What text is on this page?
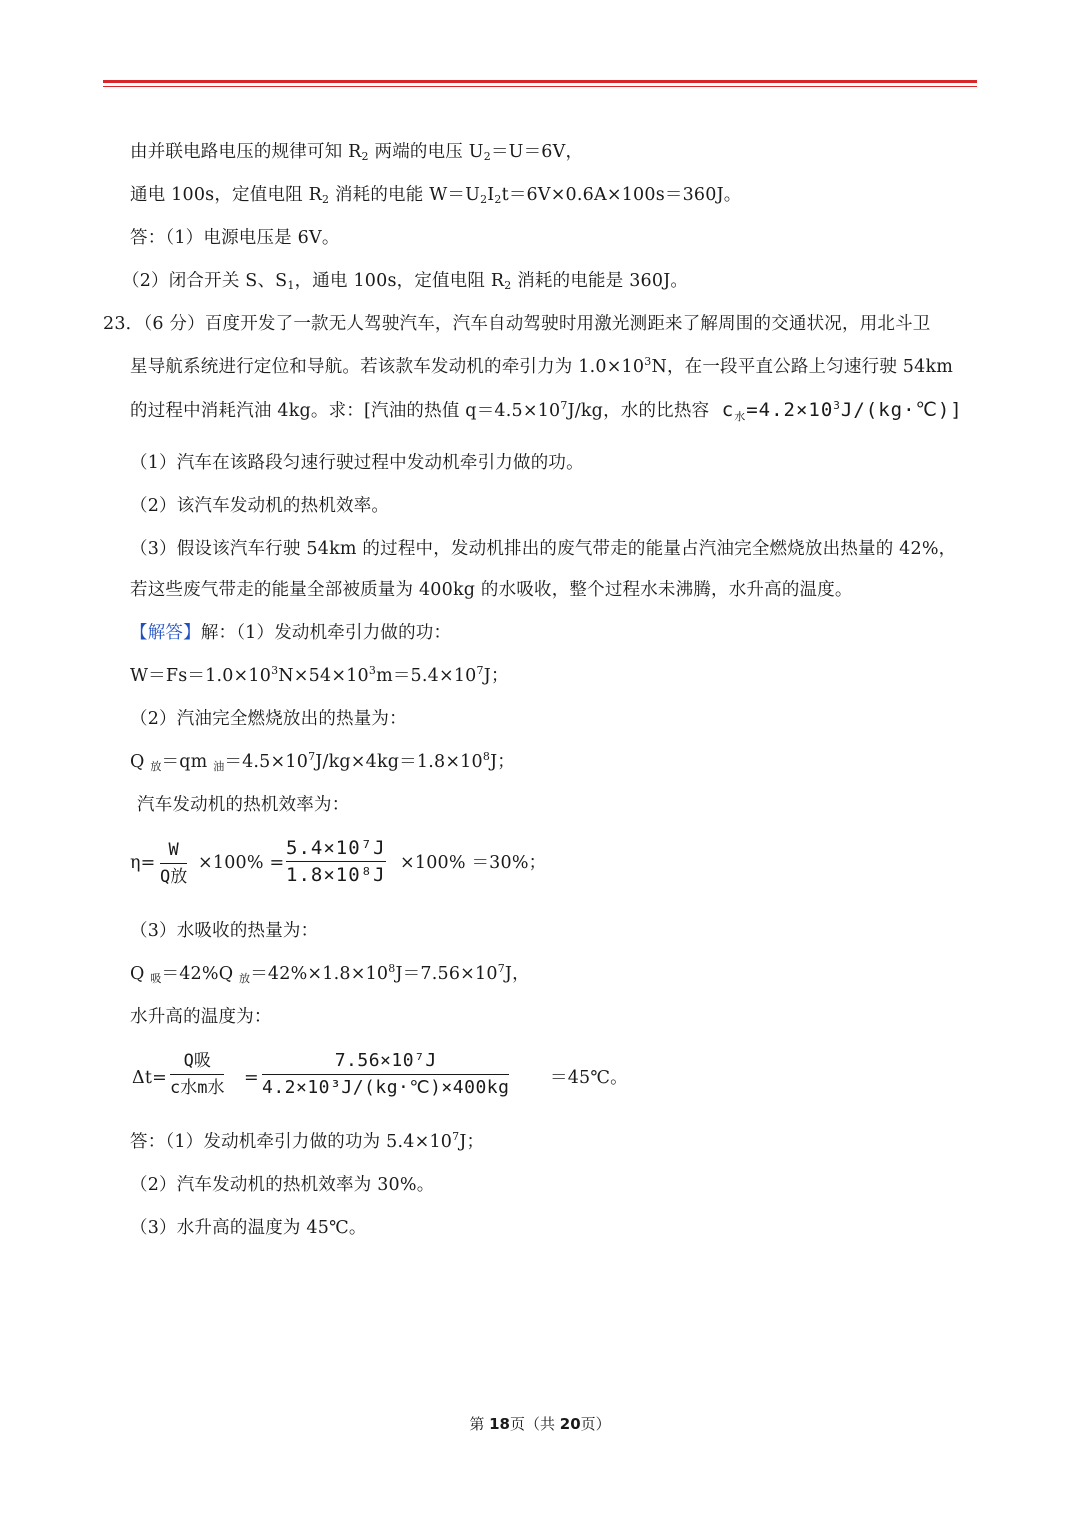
由并联电路电压的规律可知 $R_2$ 两端的电压 $U_2=U=6V$，
通电 100s，定值电阻 $R_2$ 消耗的电能 $W=U_2I_2t=6V\times 0.6A\times 100s=360J$。
答：（1）电源电压是 6V。
（2）闭合开关 S、$S_1$，通电 100s，定值电阻 $R_2$ 消耗的电能是 360J。
23．（6 分）百度开发了一款无人驾驶汽车，汽车自动驾驶时用激光测距来了解周围的交通状况，用北斗卫
星导航系统进行定位和导航。若该款车发动机的牵引力为 $1.0\times 10^3N$，在一段平直公路上匀速行驶 54km
的过程中消耗汽油 4kg。求：[汽油的热值 $q=4.5\times 10^7J/kg$，水的比热容 $c_水=4.2\times 10^3J/(kg\cdot℃)$]
（1）汽车在该路段匀速行驶过程中发动机牵引力做的功。
（2）该汽车发动机的热机效率。
（3）假设该汽车行驶 54km 的过程中，发动机排出的废气带走的能量占汽油完全燃烧放出热量的 42%，
若这些废气带走的能量全部被质量为 400kg 的水吸收，整个过程水未沸腾，水升高的温度。
【解答】解：（1）发动机牵引力做的功：
$W=Fs=1.0\times 10^3N\times 54\times 10^3m=5.4\times 10^7J$；
（2）汽油完全燃烧放出的热量为：
Q $_放$＝qm $_油=4.5\times 10^7J/kg\times 4kg=1.8\times 10^8J$；
汽车发动机的热机效率为：
η=
W
Q放
×100% =
5.4×10⁷J
1.8×10⁸J
×100% ＝30%；
（3）水吸收的热量为：
Q $_吸$＝42%Q $_放=42\%\times 1.8\times 10^8J=7.56\times 10^7J$，
水升高的温度为：
Δt=
Q吸
c水m水 =
7.56×10⁷J
4.2×10³J/(kg·℃)×400kg ＝45℃。
答：（1）发动机牵引力做的功为 $5.4\times 10^7J$；
（2）汽车发动机的热机效率为 30%。
（3）水升高的温度为 45℃。
第 18页（共 20页）
